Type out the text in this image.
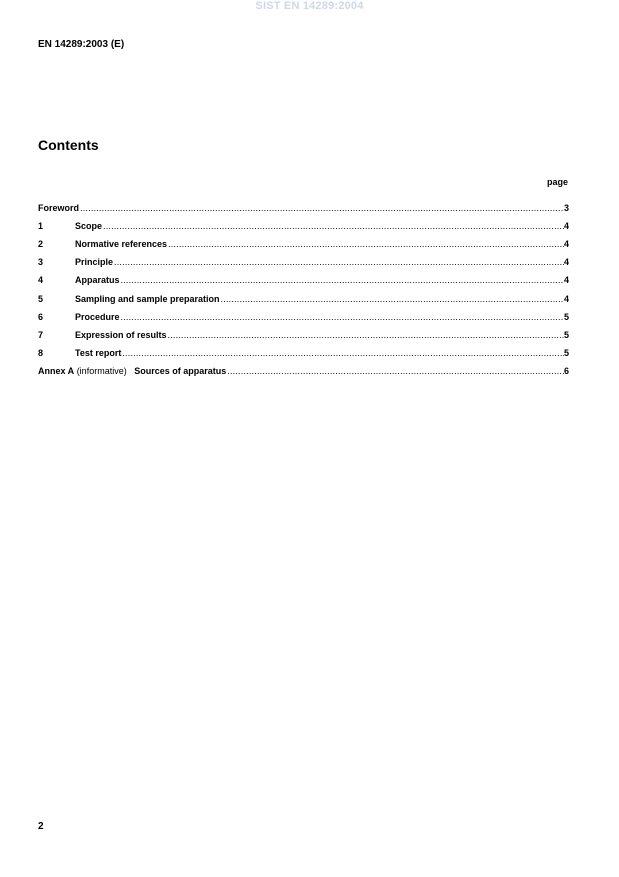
SIST EN 14289:2004
EN 14289:2003 (E)
Contents
page
Foreword .....	3
1	Scope .....	4
2	Normative references .....	4
3	Principle .....	4
4	Apparatus .....	4
5	Sampling and sample preparation .....	4
6	Procedure .....	5
7	Expression of results .....	5
8	Test report .....	5
Annex A (informative) Sources of apparatus .....	6
2
